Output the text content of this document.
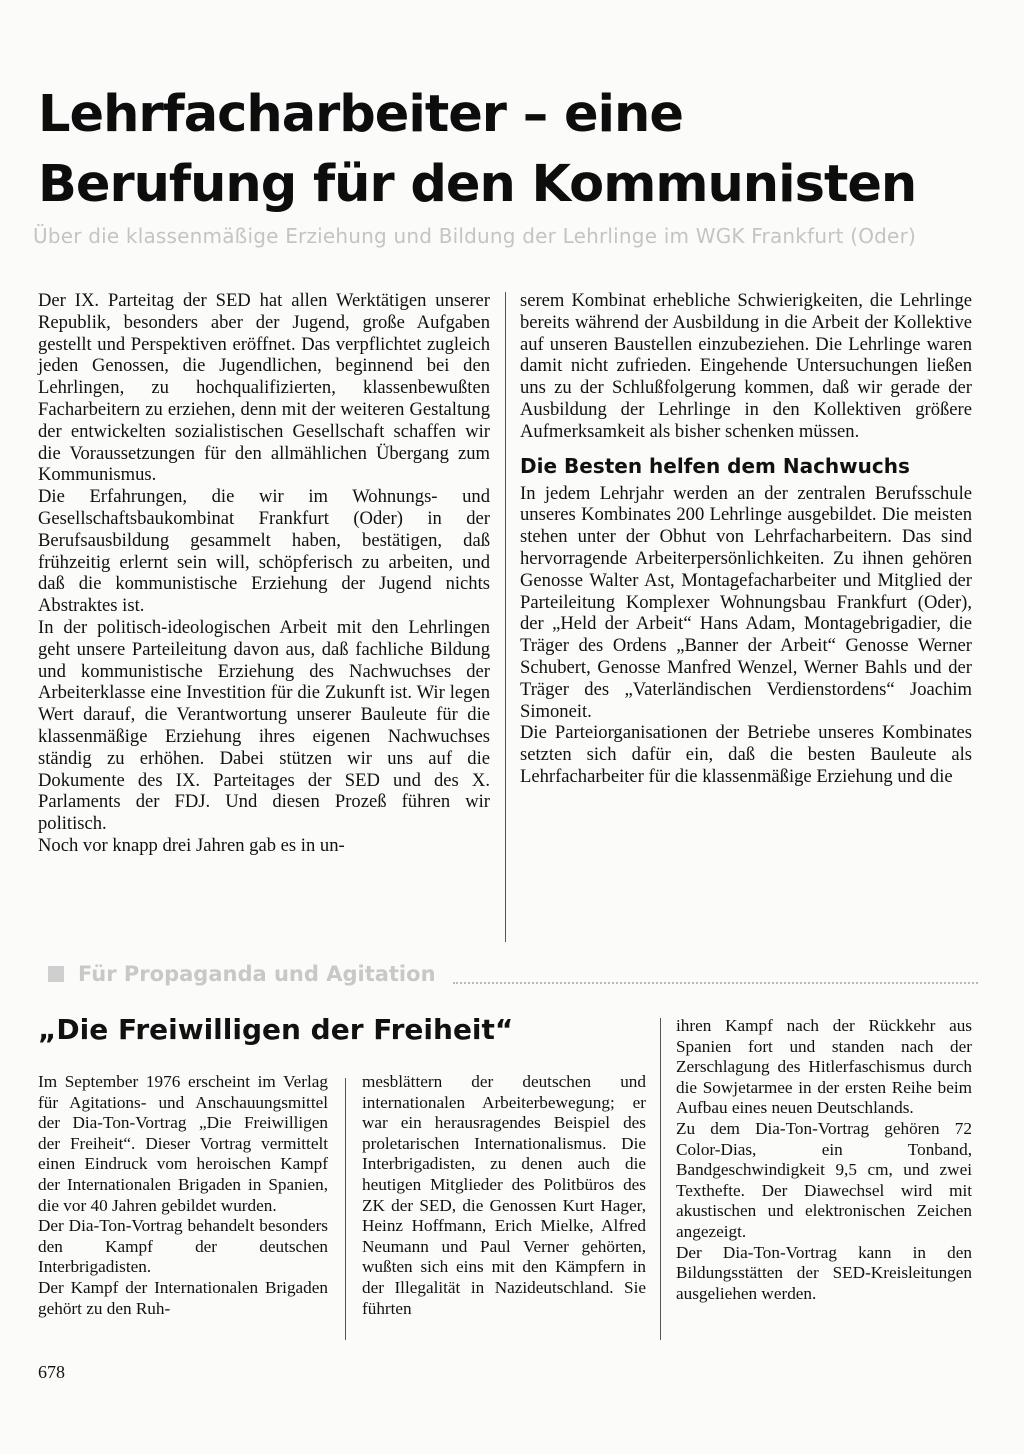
Lehrfacharbeiter – eine
Berufung für den Kommunisten
Über die klassenmäßige Erziehung und Bildung der Lehrlinge im WGK Frankfurt (Oder)

Der IX. Parteitag der SED hat allen Werktätigen unserer Republik, besonders aber der Jugend, große Aufgaben gestellt und Perspektiven eröffnet. Das verpflichtet zugleich jeden Genossen, die Jugendlichen, beginnend bei den Lehrlingen, zu hochqualifizierten, klassenbewußten Facharbeitern zu erziehen, denn mit der weiteren Gestaltung der entwickelten sozialistischen Gesellschaft schaffen wir die Voraussetzungen für den allmählichen Übergang zum Kommunismus.

Die Erfahrungen, die wir im Wohnungs- und Gesellschaftsbaukombinat Frankfurt (Oder) in der Berufsausbildung gesammelt haben, bestätigen, daß frühzeitig erlernt sein will, schöpferisch zu arbeiten, und daß die kommunistische Erziehung der Jugend nichts Abstraktes ist.

In der politisch-ideologischen Arbeit mit den Lehrlingen geht unsere Parteileitung davon aus, daß fachliche Bildung und kommunistische Erziehung des Nachwuchses der Arbeiterklasse eine Investition für die Zukunft ist. Wir legen Wert darauf, die Verantwortung unserer Bauleute für die klassenmäßige Erziehung ihres eigenen Nachwuchses ständig zu erhöhen. Dabei stützen wir uns auf die Dokumente des IX. Parteitages der SED und des X. Parlaments der FDJ. Und diesen Prozeß führen wir politisch.

Noch vor knapp drei Jahren gab es in un-

serem Kombinat erhebliche Schwierigkeiten, die Lehrlinge bereits während der Ausbildung in die Arbeit der Kollektive auf unseren Baustellen einzubeziehen. Die Lehrlinge waren damit nicht zufrieden. Eingehende Untersuchungen ließen uns zu der Schlußfolgerung kommen, daß wir gerade der Ausbildung der Lehrlinge in den Kollektiven größere Aufmerksamkeit als bisher schenken müssen.

Die Besten helfen dem Nachwuchs

In jedem Lehrjahr werden an der zentralen Berufsschule unseres Kombinates 200 Lehrlinge ausgebildet. Die meisten stehen unter der Obhut von Lehrfacharbeitern. Das sind hervorragende Arbeiterpersönlichkeiten. Zu ihnen gehören Genosse Walter Ast, Montagefacharbeiter und Mitglied der Parteileitung Komplexer Wohnungsbau Frankfurt (Oder), der „Held der Arbeit“ Hans Adam, Montagebrigadier, die Träger des Ordens „Banner der Arbeit“ Genosse Werner Schubert, Genosse Manfred Wenzel, Werner Bahls und der Träger des „Vaterländischen Verdienstordens“ Joachim Simoneit.

Die Parteiorganisationen der Betriebe unseres Kombinates setzten sich dafür ein, daß die besten Bauleute als Lehrfacharbeiter für die klassenmäßige Erziehung und die

Für Propaganda und Agitation
„Die Freiwilligen der Freiheit“

Im September 1976 erscheint im Verlag für Agitations- und Anschauungsmittel der Dia-Ton-Vortrag „Die Freiwilligen der Freiheit“. Dieser Vortrag vermittelt einen Eindruck vom heroischen Kampf der Internationalen Brigaden in Spanien, die vor 40 Jahren gebildet wurden.

Der Dia-Ton-Vortrag behandelt besonders den Kampf der deutschen Interbrigadisten.

Der Kampf der Internationalen Brigaden gehört zu den Ruh-

mesblättern der deutschen und internationalen Arbeiterbewegung; er war ein herausragendes Beispiel des proletarischen Internationalismus. Die Interbrigadisten, zu denen auch die heutigen Mitglieder des Politbüros des ZK der SED, die Genossen Kurt Hager, Heinz Hoffmann, Erich Mielke, Alfred Neumann und Paul Verner gehörten, wußten sich eins mit den Kämpfern in der Illegalität in Nazideutschland. Sie führten

ihren Kampf nach der Rückkehr aus Spanien fort und standen nach der Zerschlagung des Hitlerfaschismus durch die Sowjetarmee in der ersten Reihe beim Aufbau eines neuen Deutschlands.

Zu dem Dia-Ton-Vortrag gehören 72 Color-Dias, ein Tonband, Bandgeschwindigkeit 9,5 cm, und zwei Texthefte. Der Diawechsel wird mit akustischen und elektronischen Zeichen angezeigt.

Der Dia-Ton-Vortrag kann in den Bildungsstätten der SED-Kreisleitungen ausgeliehen werden.

678
